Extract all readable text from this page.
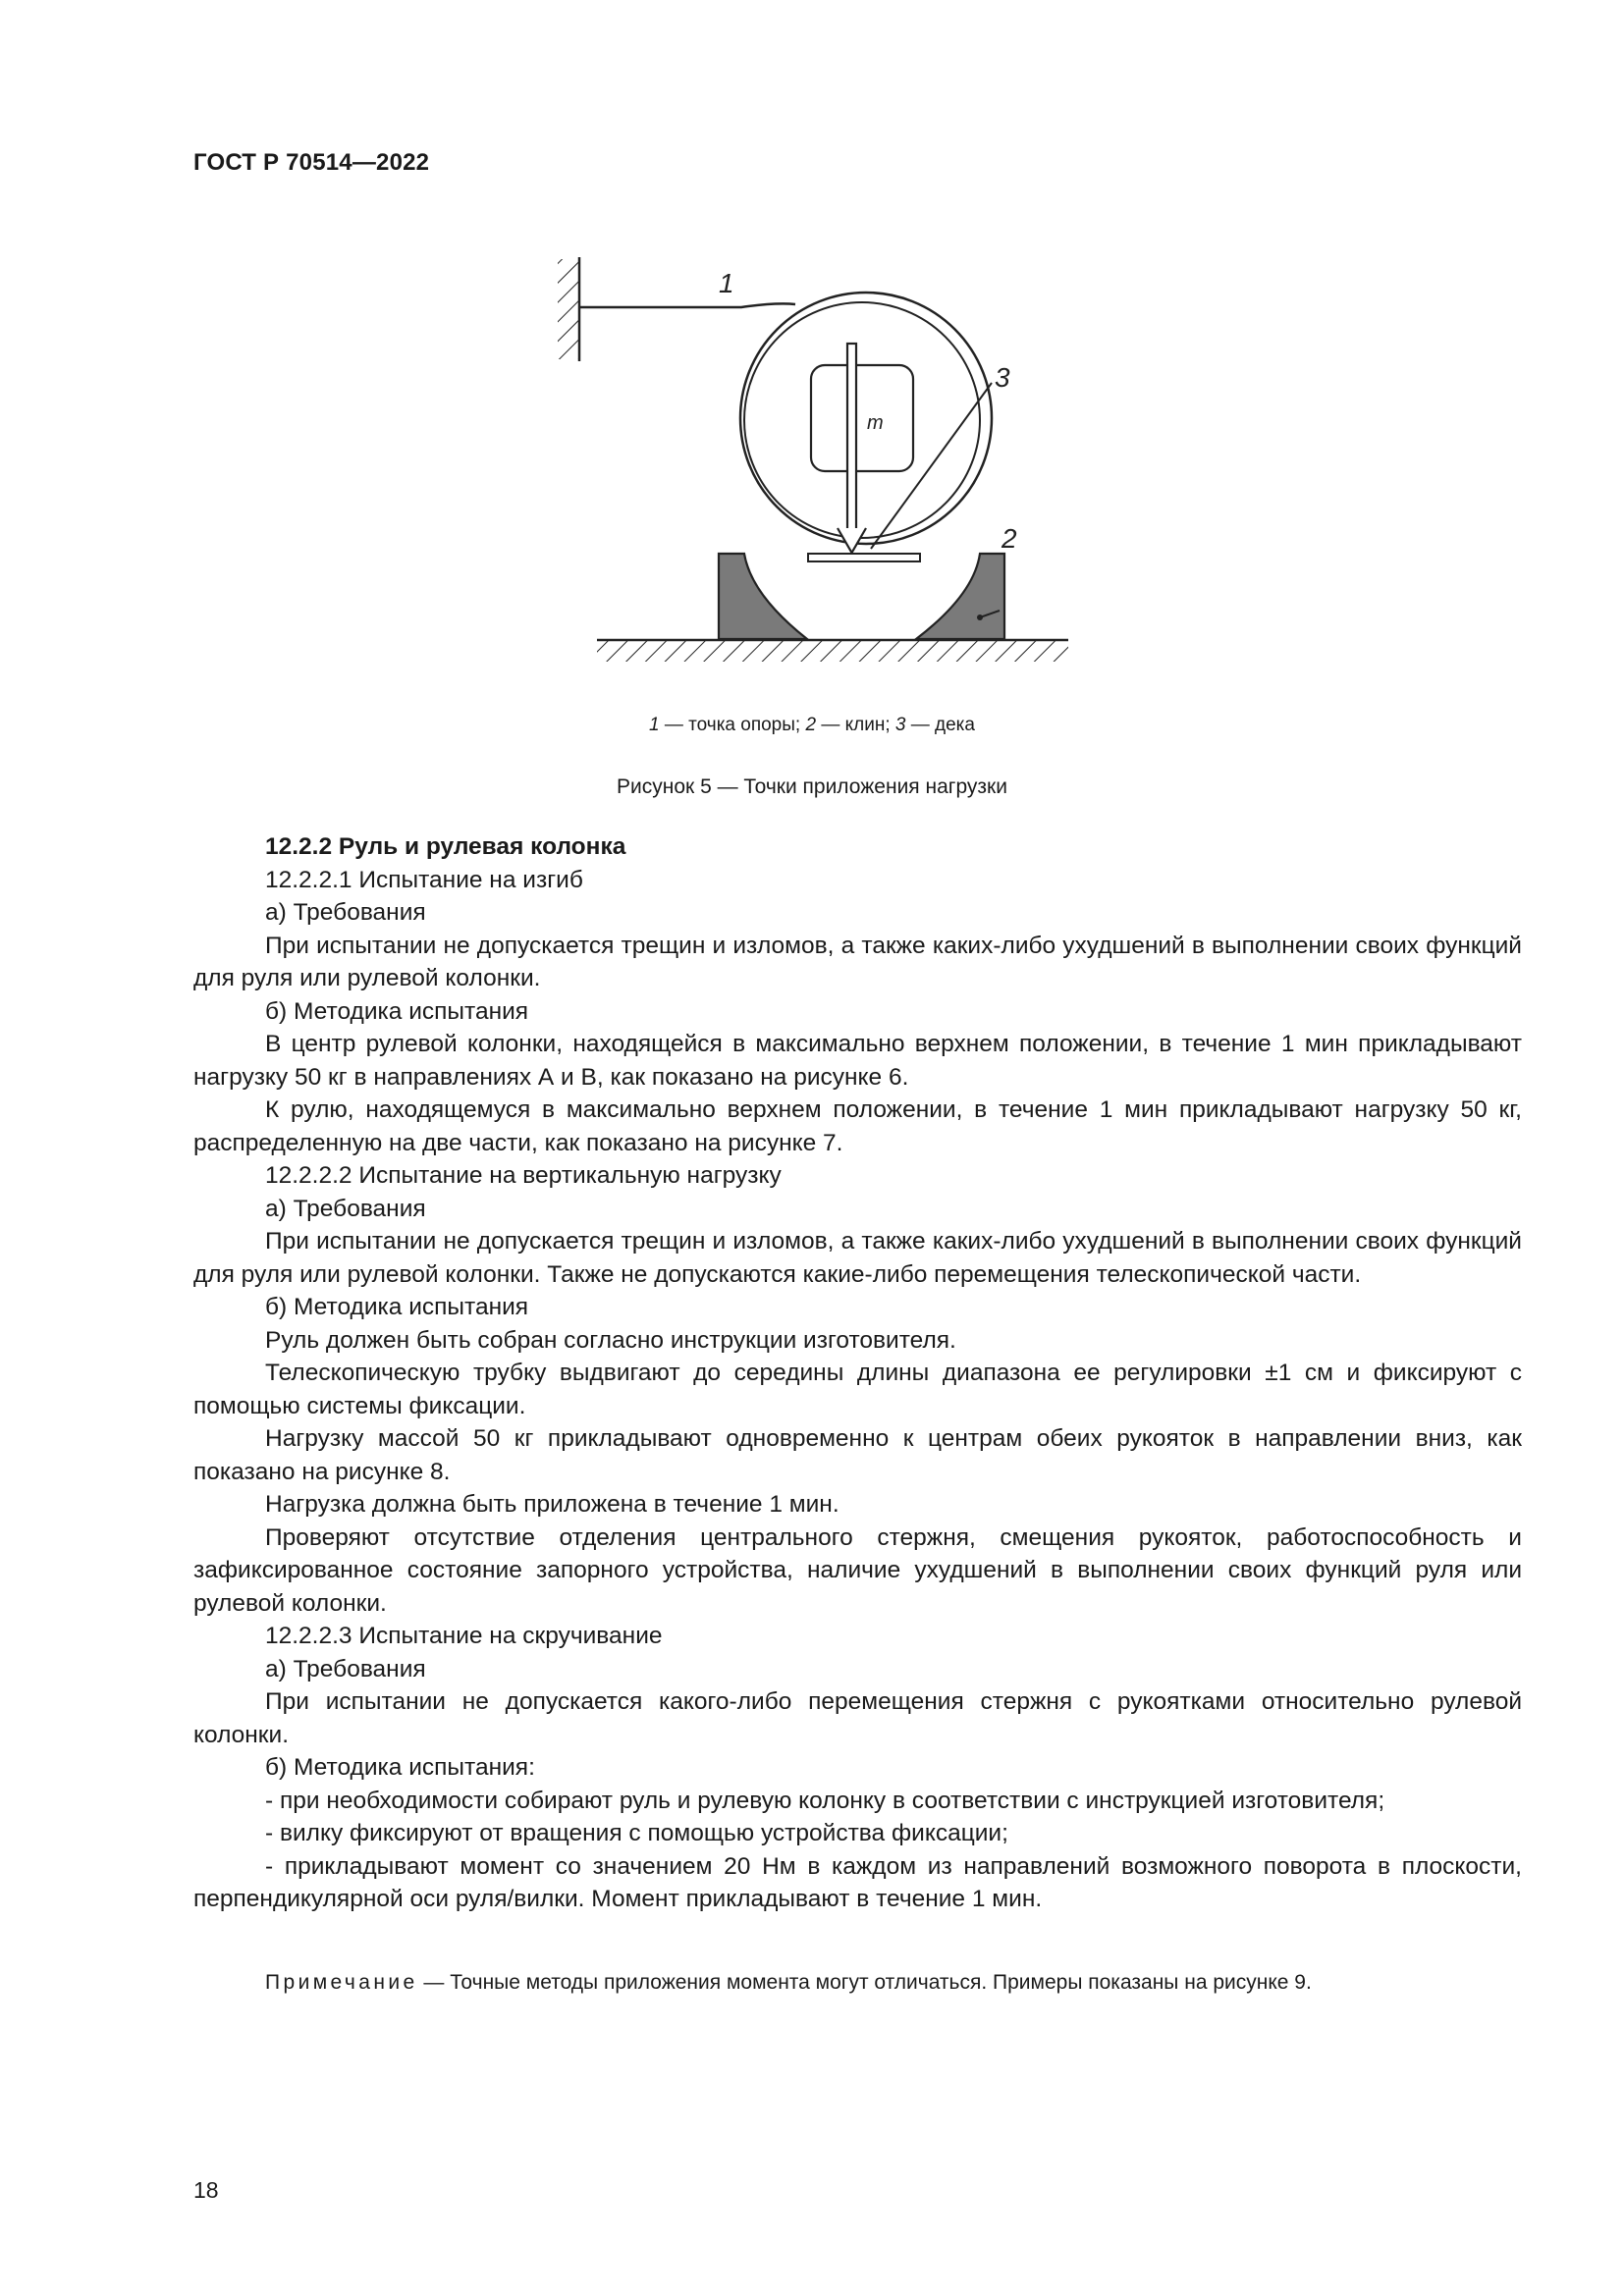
ГОСТ Р 70514—2022
1
3
2
m
1 — точка опоры; 2 — клин; 3 — дека
Рисунок 5 — Точки приложения нагрузки

12.2.2 Руль и рулевая колонка

12.2.2.1 Испытание на изгиб

а) Требования

При испытании не допускается трещин и изломов, а также каких-либо ухудшений в выполнении своих функций для руля или рулевой колонки.

б) Методика испытания

В центр рулевой колонки, находящейся в максимально верхнем положении, в течение 1 мин прикладывают нагрузку 50 кг в направлениях А и В, как показано на рисунке 6.

К рулю, находящемуся в максимально верхнем положении, в течение 1 мин прикладывают нагрузку 50 кг, распределенную на две части, как показано на рисунке 7.

12.2.2.2 Испытание на вертикальную нагрузку

а) Требования

При испытании не допускается трещин и изломов, а также каких-либо ухудшений в выполнении своих функций для руля или рулевой колонки. Также не допускаются какие-либо перемещения телескопической части.

б) Методика испытания

Руль должен быть собран согласно инструкции изготовителя.

Телескопическую трубку выдвигают до середины длины диапазона ее регулировки ±1 см и фиксируют с помощью системы фиксации.

Нагрузку массой 50 кг прикладывают одновременно к центрам обеих рукояток в направлении вниз, как показано на рисунке 8.

Нагрузка должна быть приложена в течение 1 мин.

Проверяют отсутствие отделения центрального стержня, смещения рукояток, работоспособность и зафиксированное состояние запорного устройства, наличие ухудшений в выполнении своих функций руля или рулевой колонки.

12.2.2.3 Испытание на скручивание

а) Требования

При испытании не допускается какого-либо перемещения стержня с рукоятками относительно рулевой колонки.

б) Методика испытания:

- при необходимости собирают руль и рулевую колонку в соответствии с инструкцией изготовителя;

- вилку фиксируют от вращения с помощью устройства фиксации;

- прикладывают момент со значением 20 Нм в каждом из направлений возможного поворота в плоскости, перпендикулярной оси руля/вилки. Момент прикладывают в течение 1 мин.

Примечание — Точные методы приложения момента могут отличаться. Примеры показаны на рисунке 9.
18
